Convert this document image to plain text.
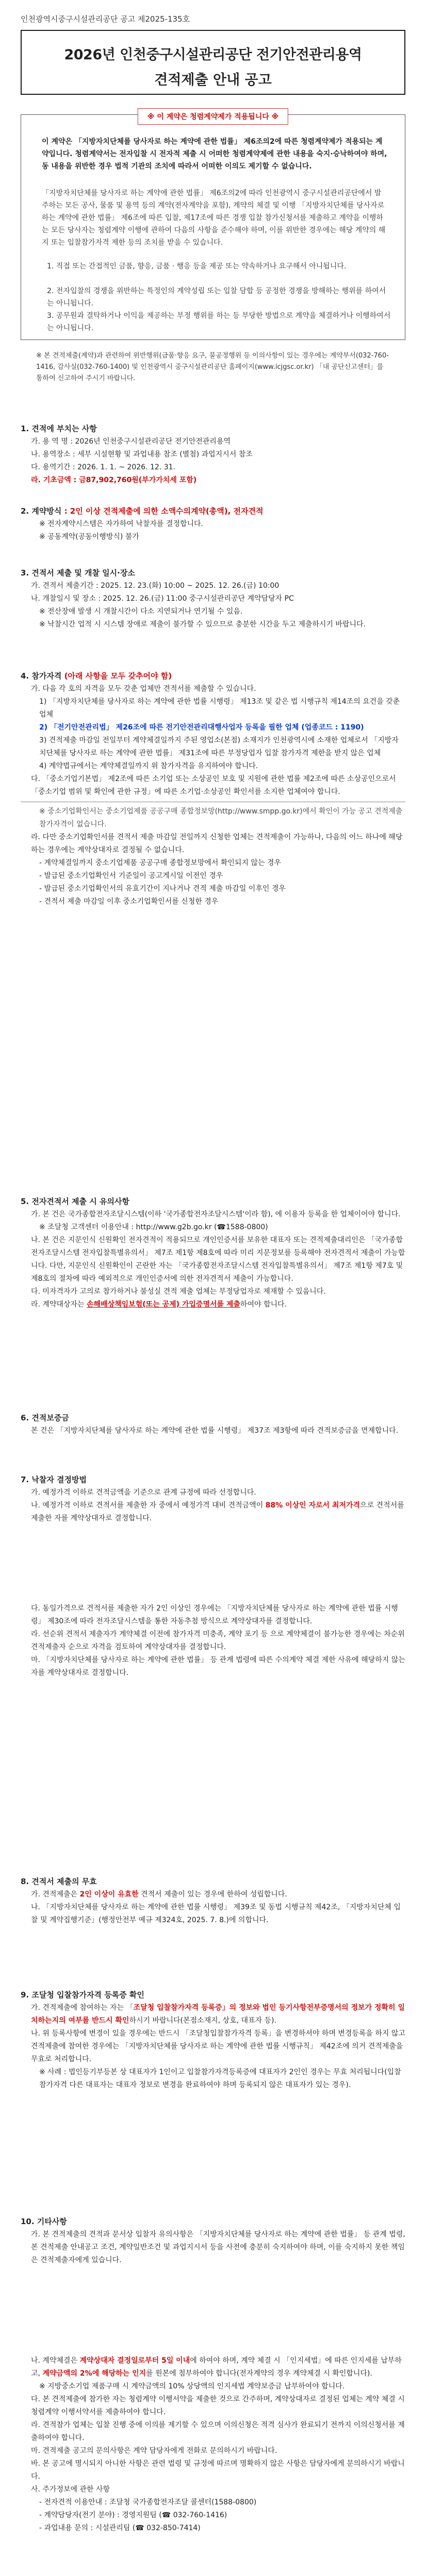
인천광역시중구시설관리공단 공고 제2025-135호
2026년 인천중구시설관리공단 전기안전관리용역
견적제출 안내 공고
이 계약은 「지방자치단체를 당사자로 하는 계약에 관한 법률」 제6조의2에 따른 청렴계약제가 적용되는 계약입니다. 청렴계약서는 전자입찰 시 전자적 제출 시 어떠한 청렴계약제에 관한 내용을 숙지·승낙하여야 하며, 동 내용을 위반한 경우 법적 기관의 조치에 따라서 어떠한 이의도 제기할 수 없습니다.
「지방자치단체를 당사자로 하는 계약에 관한 법률」 제6조의2에 따라 인천광역시 중구시설관리공단에서 발주하는 모든 공사, 물품 및 용역 등의 계약(전자계약을 포함), 계약의 체결 및 이행 「지방자치단체를 당사자로 하는 계약에 관한 법률」 제6조에 따른 입찰, 제17조에 따른 경쟁 입찰 참가신청서를 제출하고 계약을 이행하는 모든 당사자는 청렴계약 이행에 관하여 다음의 사항을 준수해야 하며, 이를 위반한 경우에는 해당 계약의 해지 또는 입찰참가자격 제한 등의 조치를 받을 수 있습니다.
1. 직접 또는 간접적인 금품, 향응, 금품 · 행응 등을 제공 또는 약속하거나 요구해서 아니됩니다.
2. 전자입찰의 경쟁을 위반하는 특정인의 계약성립 또는 입찰 담합 등 공정한 경쟁을 방해하는 행위를 하여서는 아니됩니다.
3. 공무원과 결탁하거나 이익을 제공하는 부정 행위를 하는 등 부당한 방법으로 계약을 체결하거나 이행하여서는 아니됩니다.
※ 이 계약은 청렴계약제가 적용됩니다 ※
※ 본 견적제출(계약)과 관련하여 위반행위(금품·향응 요구, 불공정행위 등 이의사항이 있는 경우에는 계약부서(032-760-1416, 감사실(032-760-1400) 및 인천광역시 중구시설관리공단 홈페이지(www.icjgsc.or.kr) 「내 공단신고센터」를 통하여 신고하여 주시기 바랍니다.
1. 견적에 부치는 사항
가. 용 역 명 : 2026년 인천중구시설관리공단 전기안전관리용역
나. 용역장소 : 세부 시설현황 및 과업내용 참조 (별첨) 과업지시서 참조
다. 용역기간 : 2026. 1. 1. ~ 2026. 12. 31.
라. 기초금액 : 금87,902,760원(부가가치세 포함)
2. 계약방식 : 2인 이상 견적제출에 의한 소액수의계약(총액), 전자견적
※ 전자계약시스템은 자가하여 낙찰자를 결정합니다.
※ 공동계약(공동이행방식) 불가
3. 견적서 제출 및 개찰 일시·장소
가. 견적서 제출기간 : 2025. 12. 23.(화) 10:00 ~ 2025. 12. 26.(금) 10:00
나. 개찰일시 및 장소 : 2025. 12. 26.(금) 11:00 중구시설관리공단 계약담당자 PC
※ 전산장애 발생 시 개찰시간이 다소 지연되거나 연기될 수 있음.
※ 낙찰시간 업적 시 시스템 장애로 제출이 불가할 수 있으므로 충분한 시간을 두고 제출하시기 바랍니다.
4. 참가자격 (아래 사항을 모두 갖추어야 함)
가. 다음 각 호의 자격을 모두 갖춘 업체만 견적서를 제출할 수 있습니다.
1) 「지방자치단체를 당사자로 하는 계약에 관한 법률 시행령」 제13조 및 같은 법 시행규칙 제14조의 요건을 갖춘 업체
2) 「전기안전관리법」 제26조에 따른 전기안전관리대행사업자 등록을 필한 업체 (업종코드 : 1190)
3) 견적제출 마감일 전일부터 계약체결일까지 주된 영업소(본점) 소재지가 인천광역시에 소재한 업체로서 「지방자치단체를 당사자로 하는 계약에 관한 법률」 제31조에 따른 부정당업자 입찰 참가자격 제한을 받지 않은 업체
4) 계약법규에서는 계약체결일까지 위 참가자격을 유지하여야 합니다.
다. 「중소기업기본법」 제2조에 따른 소기업 또는 소상공인 보호 및 지원에 관한 법률 제2조에 따른 소상공인으로서 「중소기업 범위 및 확인에 관한 규정」에 따른 소기업·소상공인 확인서를 소지한 업체여야 합니다.
※ 중소기업확인서는 중소기업제품 공공구매 종합정보망(http://www.smpp.go.kr)에서 확인이 가능 공고 견적제출 참가자격이 없습니다.
라. 다만 중소기업확인서를 견적서 제출 마감일 전일까지 신청한 업체는 견적제출이 가능하나, 다음의 어느 하나에 해당하는 경우에는 계약상대자로 결정될 수 없습니다.
- 계약체결일까지 중소기업제품 공공구매 종합정보망에서 확인되지 않는 경우
- 발급된 중소기업확인서 기준일이 공고게시일 이전인 경우
- 발급된 중소기업확인서의 유효기간이 지나거나 견적 제출 마감일 이후인 경우
- 견적서 제출 마감일 이후 중소기업확인서를 신청한 경우
5. 전자견적서 제출 시 유의사항
가. 본 건은 국가종합전자조달시스템(이하 '국가종합전자조달시스템'이라 함), 에 이용자 등록을 한 업체이어야 합니다.
※ 조달청 고객센터 이용안내 : http://www.g2b.go.kr (☎1588-0800)
나. 본 건은 지문인식 신원확인 전자견적이 적용되므로 개인인증서를 보유한 대표자 또는 견적제출대리인은 「국가종합전자조달시스템 전자입찰특별유의서」 제7조 제1항 제8호에 따라 미리 지문정보를 등록해야 전자견적서 제출이 가능합니다. 다만, 지문인식 신원확인이 곤란한 자는 「국가종합전자조달시스템 전자입찰특별유의서」 제7조 제1항 제7호 및 제8호의 절차에 따라 예외적으로 개인인증서에 의한 전자견적서 제출이 가능합니다.
다. 미자격자가 고의로 참가하거나 불성실 견적 제출 업체는 부정당업자로 제재할 수 있음니다.
라. 계약대상자는 손해배상책임보험(또는 공제) 가입증명서를 제출하여야 합니다.
6. 견적보증금
본 건은 「지방자치단체를 당사자로 하는 계약에 관한 법률 시행령」 제37조 제3항에 따라 견적보증금을 면제합니다.
7. 낙찰자 결정방법
가. 예정가격 이하로 견적금액을 기준으로 관계 규정에 따라 선정합니다.
나. 예정가격 이하로 견적서를 제출한 자 중에서 예정가격 대비 견적금액이 88% 이상인 자로서 최저가격으로 견적서를 제출한 자를 계약상대자로 결정합니다.
다. 동일가격으로 견적서를 제출한 자가 2인 이상인 경우에는 「지방자치단체를 당사자로 하는 계약에 관한 법률 시행령」 제30조에 따라 전자조달시스템을 통한 자동추첨 방식으로 계약상대자를 결정합니다.
라. 선순위 견적서 제출자가 계약체결 이전에 참가자격 미충족, 계약 포기 등 으로 계약체결이 불가능한 경우에는 차순위 견적제출자 순으로 자격을 검토하여 계약상대자를 결정합니다.
마. 「지방자치단체를 당사자로 하는 계약에 관한 법률」 등 관계 법령에 따른 수의계약 체결 제한 사유에 해당하지 않는 자를 계약상대자로 결정합니다.
8. 견적서 제출의 무효
가. 견적제출은 2인 이상이 유효한 견적서 제출이 있는 경우에 한하여 성립합니다.
나. 「지방자치단체를 당사자로 하는 계약에 관한 법률 시행령」 제39조 및 동법 시행규칙 제42조, 「지방자치단체 입찰 및 계약집행기준」(행정안전부 예규 제324호, 2025. 7. 8.)에 의합니다.
9. 조달청 입찰참가자격 등록증 확인
가. 견적제출에 참여하는 자는 「조달청 입찰참가자격 등록증」의 정보와 법인 등기사항전부증명서의 정보가 정확히 일치하는지의 여부를 반드시 확인하시기 바랍니다(본점소재지, 상호, 대표자 등).
나. 위 등록사항에 변경이 있을 경우에는 반드시 「조달청입찰참가자격 등록」을 변경하셔야 하며 변경등록을 하지 않고 견적제출에 참여한 경우에는 「지방자치단체를 당사자로 하는 계약에 관한 법률 시행규칙」 제42조에 의거 견적제출을 무효로 처리합니다.
※ 사례 : 법인등기부등본 상 대표자가 1인이고 입찰참가자격등록증에 대표자가 2인인 경우는 무효 처리됩니다(입찰참가자격 다른 대표자는 대표자 정보로 변경을 완료하여야 하며 등록되지 않은 대표자가 있는 경우).
10. 기타사항
가. 본 견적제출의 견적과 문서상 입찰자 유의사항은 「지방자치단체를 당사자로 하는 계약에 관한 법률」 등 관계 법령, 본 견적제출 안내공고 조건, 계약일반조건 및 과업지시서 등을 사전에 충분히 숙지하여야 하며, 이를 숙지하지 못한 책임은 견적제출자에게 있습니다.
나. 계약체결은 계약상대자 결정일로부터 5일 이내에 하여야 하며, 계약 체결 시 「인지세법」에 따른 인지세를 납부하고, 계약금액의 2%에 해당하는 인지를 원본에 첨부하여야 합니다(전자계약의 경우 계약체결 시 확인합니다).
※ 지방중소기업 제품구매 시 계약금액의 10% 상당액의 인지세법 계약보증금 납부하여야 합니다.
다. 본 견적제출에 참가한 자는 청렴계약 이행서약을 제출한 것으로 간주하며, 계약상대자로 결정된 업체는 계약 체결 시 청렴계약 이행서약서를 제출하여야 합니다.
라. 견적참가 업체는 입찰 진행 중에 이의를 제기할 수 있으며 이의신청은 적격 심사가 완료되기 전까지 이의신청서를 제출하여야 합니다.
마. 견적제출 공고의 문의사항은 계약 담당자에게 전화로 문의하시기 바랍니다.
바. 본 공고에 명시되지 아니한 사항은 관련 법령 및 규정에 따르며 명확하지 않은 사항은 담당자에게 문의하시기 바랍니다.
사. 주가정보에 관한 사항
- 전자견적 이용안내 : 조달청 국가종합전자조달 콜센터(1588-0800)
- 계약담당자(전기 분야) : 경영지원팀 (☎ 032-760-1416)
- 과업내용 문의 : 시설관리팀 (☎ 032-850-7414)
